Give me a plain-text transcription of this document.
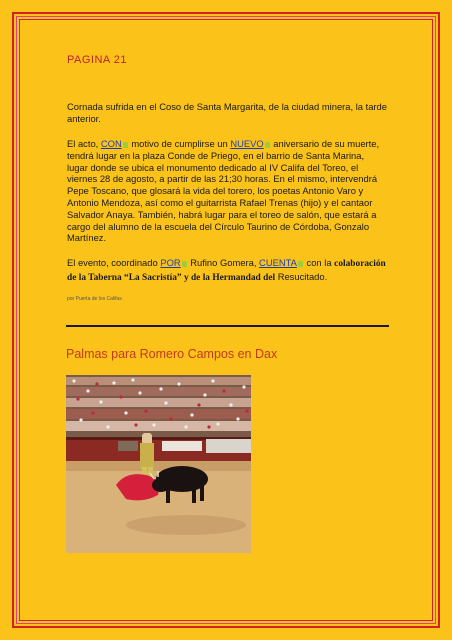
PAGINA 21
Cornada sufrida en el Coso de Santa Margarita, de la ciudad minera, la tarde anterior.
El acto, CON motivo de cumplirse un NUEVO aniversario de su muerte, tendrá lugar en la plaza Conde de Priego, en el barrio de Santa Marina, lugar donde se ubica el monumento dedicado al IV Califa del Toreo, el viernes 28 de agosto, a partir de las 21;30 horas. En el mismo, intervendrá Pepe Toscano, que glosará la vida del torero, los poetas Antonio Varo y Antonio Mendoza, así como el guitarrista Rafael Trenas (hijo) y el cantaor Salvador Anaya. También, habrá lugar para el toreo de salón, que estará a cargo del alumno de la escuela del Círculo Taurino de Córdoba, Gonzalo Martínez.
El evento, coordinado POR Rufino Gomera, CUENTA con la colaboración de la Taberna “La Sacristía” y de la Hermandad del Resucitado.
por Puerta de los Califas
Palmas para Romero Campos en Dax
